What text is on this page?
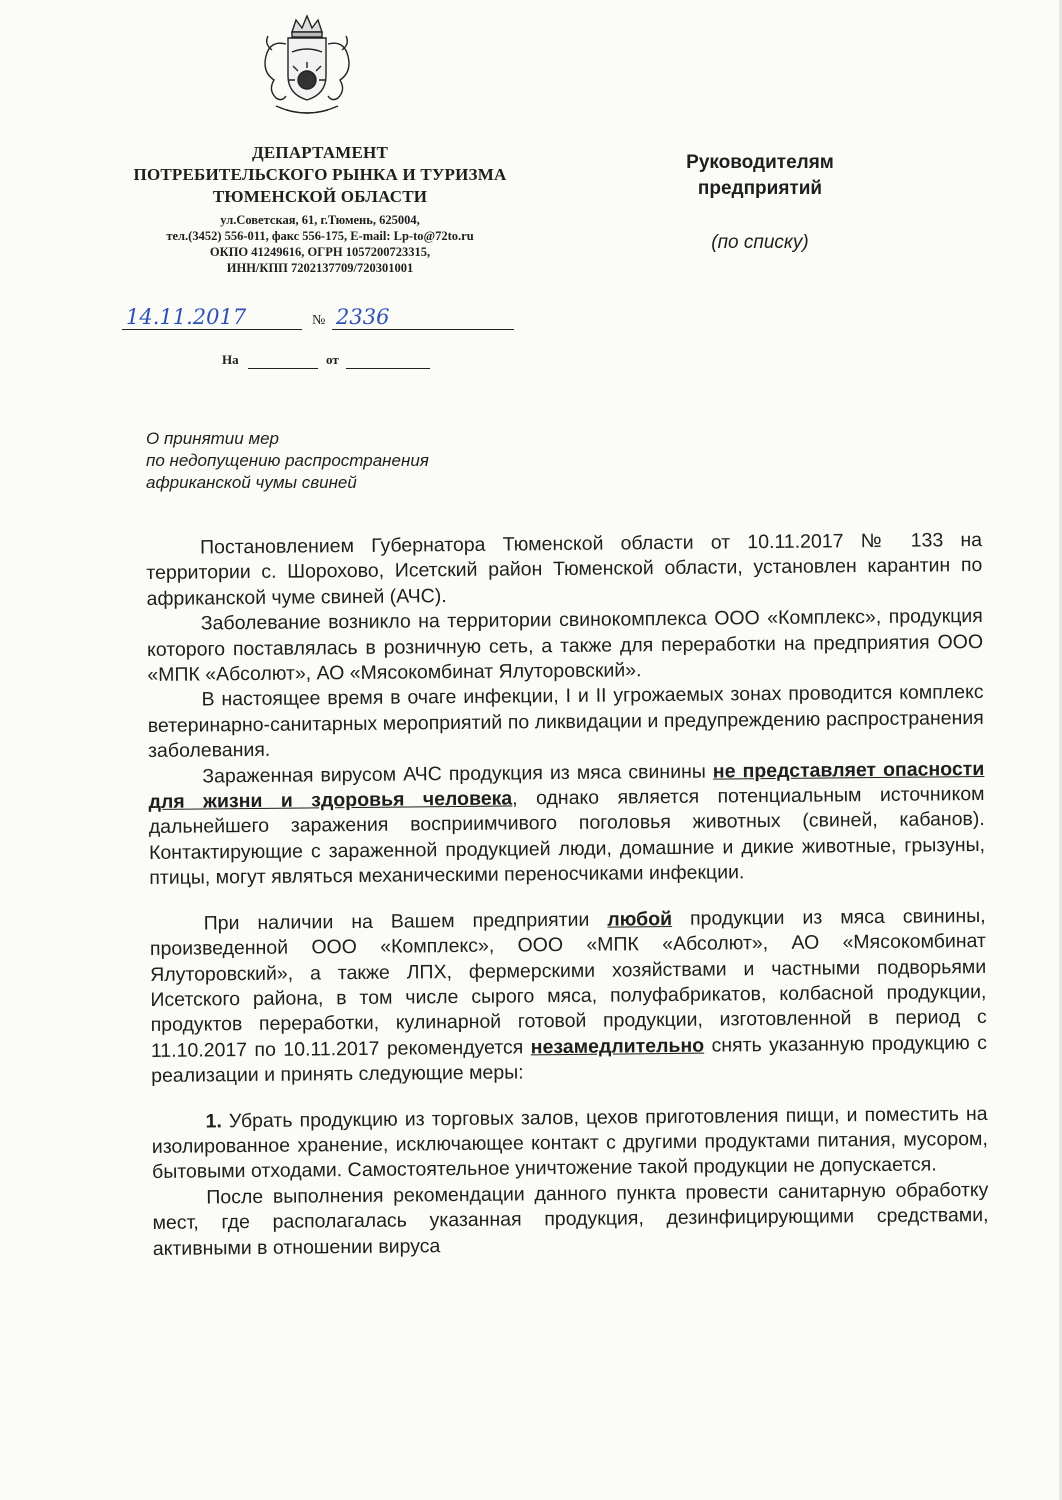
ДЕПАРТАМЕНТ
ПОТРЕБИТЕЛЬСКОГО РЫНКА И ТУРИЗМА
ТЮМЕНСКОЙ ОБЛАСТИ
ул.Советская, 61, г.Тюмень, 625004,
тел.(3452) 556-011, факс 556-175, E-mail: Lp-to@72to.ru
ОКПО 41249616, ОГРН 1057200723315,
ИНН/КПП 7202137709/720301001
Руководителям
предприятий
(по списку)
14.11.2017	№ 2336
На	от
О принятии мер
по недопущению распространения
африканской чумы свиней

Постановлением Губернатора Тюменской области от 10.11.2017 № 133 на территории с. Шорохово, Исетский район Тюменской области, установлен карантин по африканской чуме свиней (АЧС).

Заболевание возникло на территории свинокомплекса ООО «Комплекс», продукция которого поставлялась в розничную сеть, а также для переработки на предприятия ООО «МПК «Абсолют», АО «Мясокомбинат Ялуторовский».

В настоящее время в очаге инфекции, I и II угрожаемых зонах проводится комплекс ветеринарно-санитарных мероприятий по ликвидации и предупреждению распространения заболевания.

Зараженная вирусом АЧС продукция из мяса свинины не представляет опасности для жизни и здоровья человека, однако является потенциальным источником дальнейшего заражения восприимчивого поголовья животных (свиней, кабанов). Контактирующие с зараженной продукцией люди, домашние и дикие животные, грызуны, птицы, могут являться механическими переносчиками инфекции.

При наличии на Вашем предприятии любой продукции из мяса свинины, произведенной ООО «Комплекс», ООО «МПК «Абсолют», АО «Мясокомбинат Ялуторовский», а также ЛПХ, фермерскими хозяйствами и частными подворьями Исетского района, в том числе сырого мяса, полуфабрикатов, колбасной продукции, продуктов переработки, кулинарной готовой продукции, изготовленной в период с 11.10.2017 по 10.11.2017 рекомендуется незамедлительно снять указанную продукцию с реализации и принять следующие меры:

1. Убрать продукцию из торговых залов, цехов приготовления пищи, и поместить на изолированное хранение, исключающее контакт с другими продуктами питания, мусором, бытовыми отходами. Самостоятельное уничтожение такой продукции не допускается.

После выполнения рекомендации данного пункта провести санитарную обработку мест, где располагалась указанная продукция, дезинфицирующими средствами, активными в отношении вируса
